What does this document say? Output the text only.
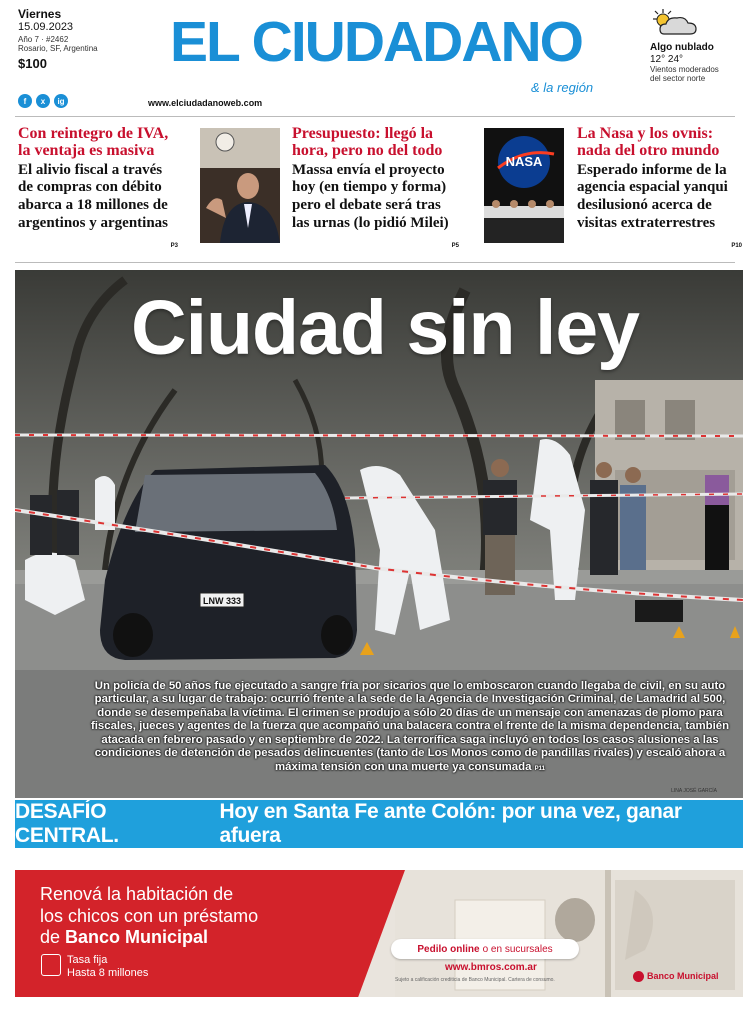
Viernes
15.09.2023
Año 7 · #2462
Rosario, SF, Argentina
$100
f	x	ig
EL CIUDADANO
& la región
www.elciudadanoweb.com
Algo nublado
12° 24°
Vientos moderados
del sector norte
Con reintegro de IVA,
la ventaja es masiva
El alivio fiscal a través
de compras con débito
abarca a 18 millones de
argentinos y argentinas
P3
Presupuesto: llegó la
hora, pero no del todo
Massa envía el proyecto
hoy (en tiempo y forma)
pero el debate será tras
las urnas (lo pidió Milei)
P5
NASA
La Nasa y los ovnis:
nada del otro mundo
Esperado informe de la
agencia espacial yanqui
desilusionó acerca de
visitas extraterrestres
P10
LNW 333
Ciudad sin ley
Un policía de 50 años fue ejecutado a sangre fría por sicarios que lo emboscaron cuando llegaba de civil, en su auto particular, a su lugar de trabajo: ocurrió frente a la sede de la Agencia de Investigación Criminal, de Lamadrid al 500, donde se desempeñaba la víctima. El crimen se produjo a sólo 20 días de un mensaje con amenazas de plomo para fiscales, jueces y agentes de la fuerza que acompañó una balacera contra el frente de la misma dependencia, también atacada en febrero pasado y en septiembre de 2022. La terrorífica saga incluyó en todos los casos alusiones a las condiciones de detención de pesados delincuentes (tanto de Los Monos como de pandillas rivales) y escaló ahora a máxima tensión con una muerte ya consumada P11
LINA JOSÉ GARCÍA
DESAFÍO CENTRAL.
Hoy en Santa Fe ante Colón: por una vez, ganar afuera
Renová la habitación de
los chicos con un préstamo
de Banco Municipal
Tasa fija
Hasta 8 millones
Pedilo online o en sucursales
www.bmros.com.ar
Sujeto a calificación crediticia de Banco Municipal. Cartera de consumo.	Banco Municipal
